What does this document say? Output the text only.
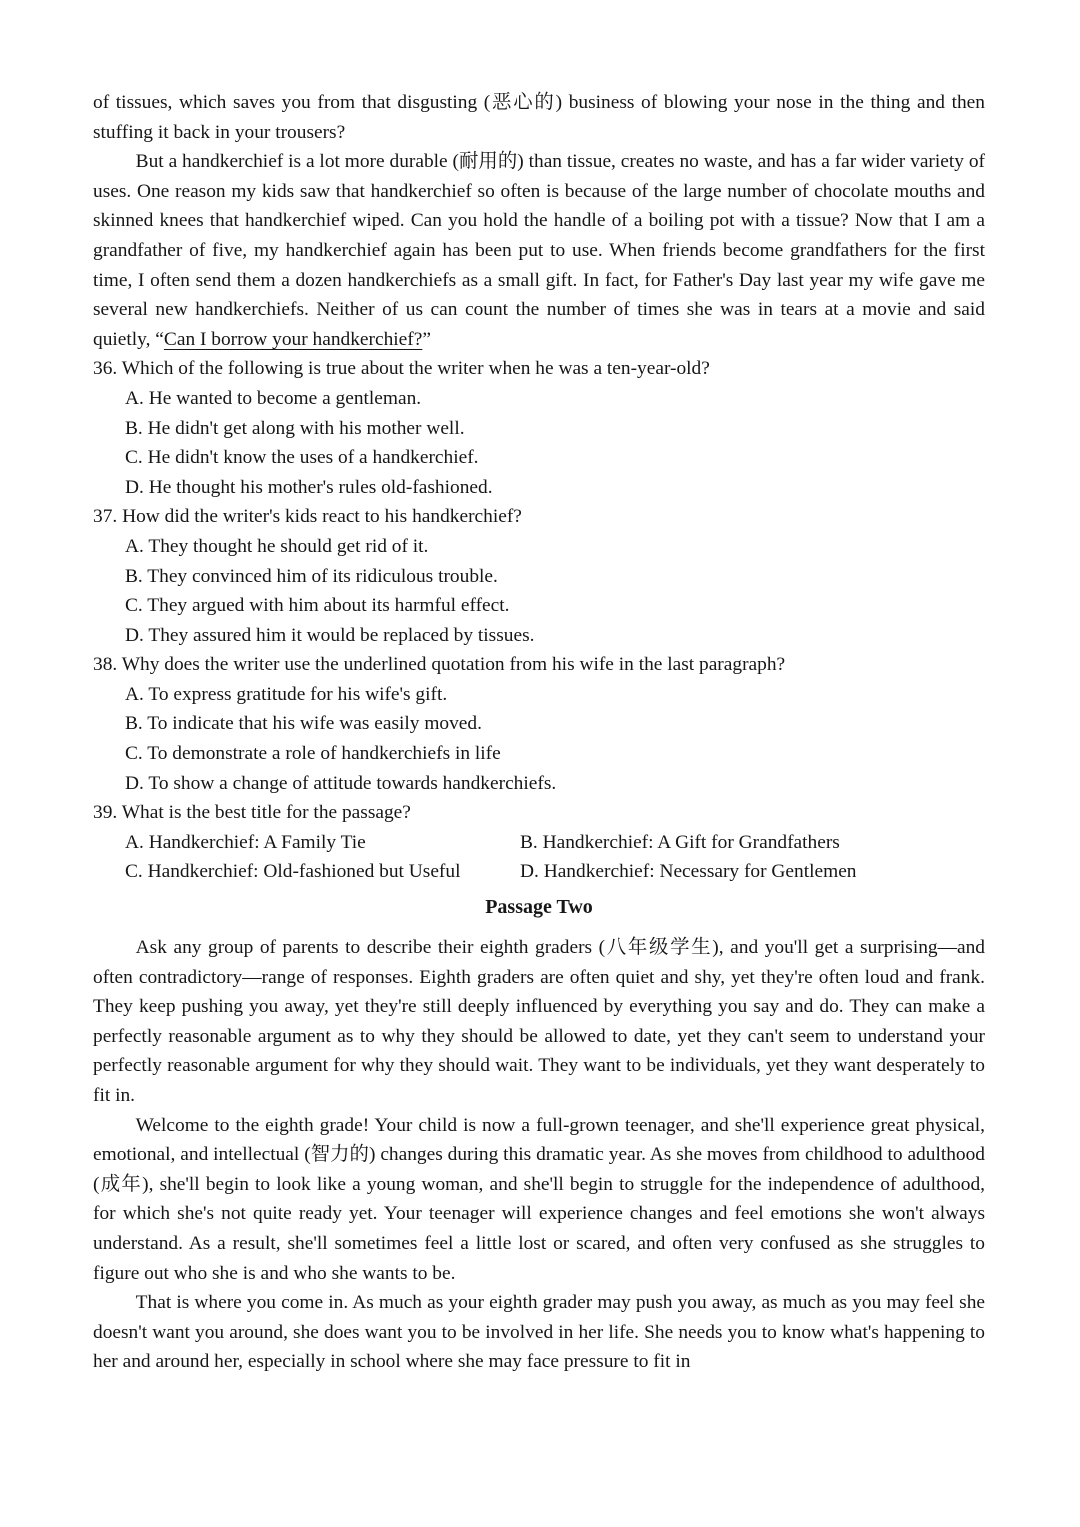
of tissues, which saves you from that disgusting (恶心的) business of blowing your nose in the thing and then stuffing it back in your trousers?

But a handkerchief is a lot more durable (耐用的) than tissue, creates no waste, and has a far wider variety of uses. One reason my kids saw that handkerchief so often is because of the large number of chocolate mouths and skinned knees that handkerchief wiped. Can you hold the handle of a boiling pot with a tissue? Now that I am a grandfather of five, my handkerchief again has been put to use. When friends become grandfathers for the first time, I often send them a dozen handkerchiefs as a small gift. In fact, for Father's Day last year my wife gave me several new handkerchiefs. Neither of us can count the number of times she was in tears at a movie and said quietly, “Can I borrow your handkerchief?”

36. Which of the following is true about the writer when he was a ten-year-old?

A. He wanted to become a gentleman.

B. He didn't get along with his mother well.

C. He didn't know the uses of a handkerchief.

D. He thought his mother's rules old-fashioned.

37. How did the writer's kids react to his handkerchief?

A. They thought he should get rid of it.

B. They convinced him of its ridiculous trouble.

C. They argued with him about its harmful effect.

D. They assured him it would be replaced by tissues.

38. Why does the writer use the underlined quotation from his wife in the last paragraph?

A. To express gratitude for his wife's gift.

B. To indicate that his wife was easily moved.

C. To demonstrate a role of handkerchiefs in life

D. To show a change of attitude towards handkerchiefs.

39. What is the best title for the passage?

A. Handkerchief: A Family Tie	B. Handkerchief: A Gift for Grandfathers
C. Handkerchief: Old-fashioned but Useful	D. Handkerchief: Necessary for Gentlemen
Passage Two

Ask any group of parents to describe their eighth graders (八年级学生), and you'll get a surprising—and often contradictory—range of responses. Eighth graders are often quiet and shy, yet they're often loud and frank. They keep pushing you away, yet they're still deeply influenced by everything you say and do. They can make a perfectly reasonable argument as to why they should be allowed to date, yet they can't seem to understand your perfectly reasonable argument for why they should wait. They want to be individuals, yet they want desperately to fit in.

Welcome to the eighth grade! Your child is now a full-grown teenager, and she'll experience great physical, emotional, and intellectual (智力的) changes during this dramatic year. As she moves from childhood to adulthood (成年), she'll begin to look like a young woman, and she'll begin to struggle for the independence of adulthood, for which she's not quite ready yet. Your teenager will experience changes and feel emotions she won't always understand. As a result, she'll sometimes feel a little lost or scared, and often very confused as she struggles to figure out who she is and who she wants to be.

That is where you come in. As much as your eighth grader may push you away, as much as you may feel she doesn't want you around, she does want you to be involved in her life. She needs you to know what's happening to her and around her, especially in school where she may face pressure to fit in
